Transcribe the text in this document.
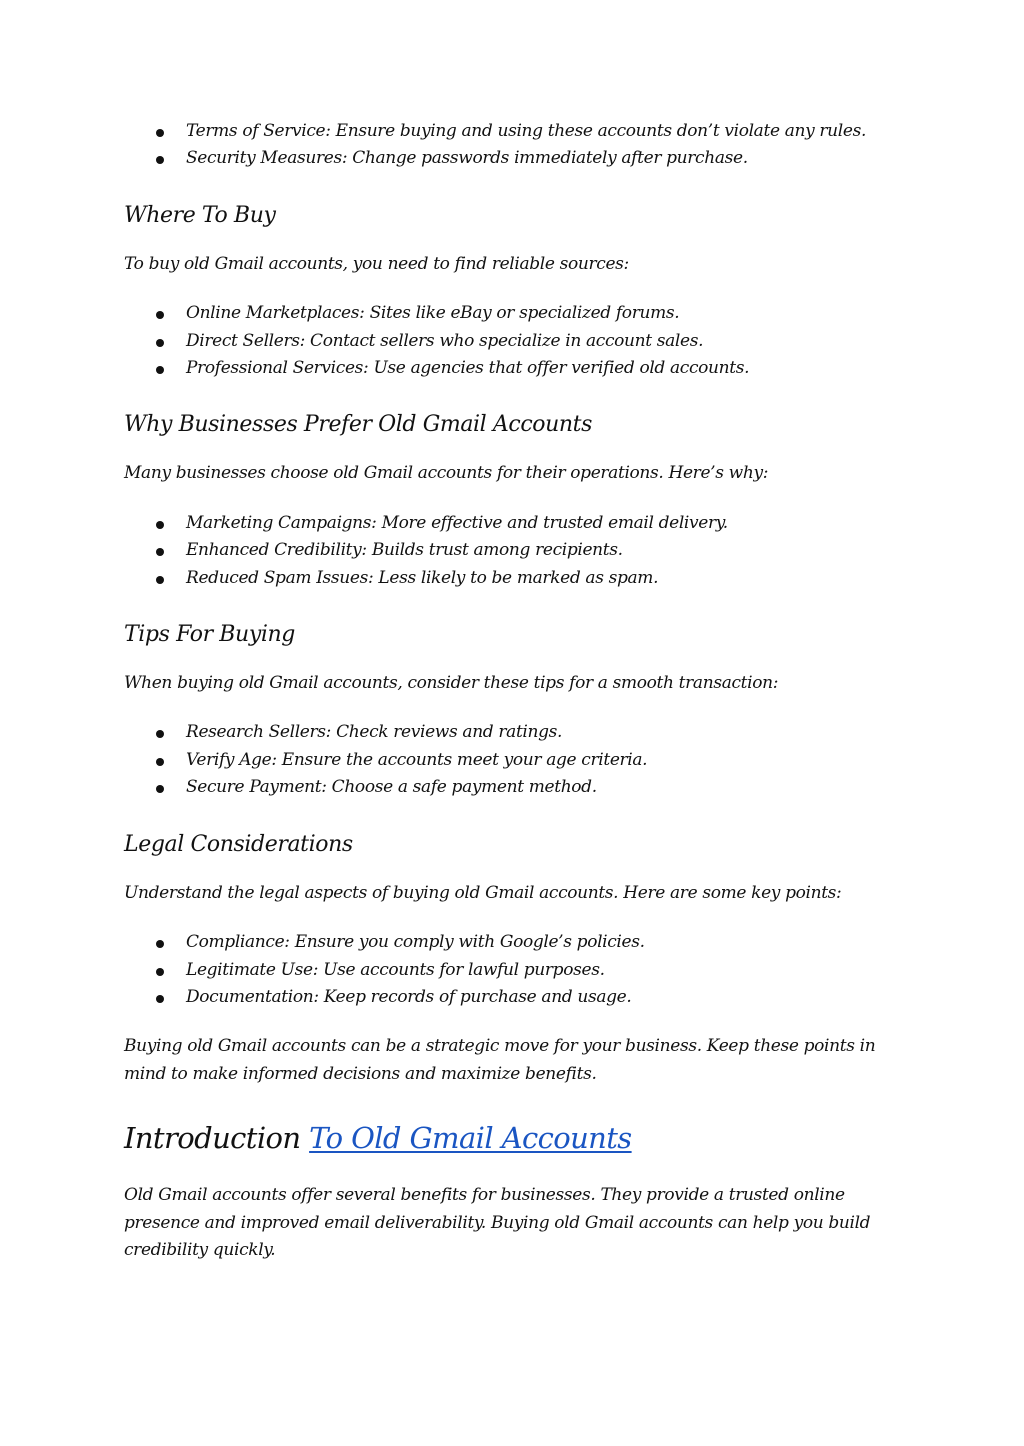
Terms of Service: Ensure buying and using these accounts don’t violate any rules.
Security Measures: Change passwords immediately after purchase.
Where To Buy

To buy old Gmail accounts, you need to find reliable sources:

Online Marketplaces: Sites like eBay or specialized forums.
Direct Sellers: Contact sellers who specialize in account sales.
Professional Services: Use agencies that offer verified old accounts.
Why Businesses Prefer Old Gmail Accounts

Many businesses choose old Gmail accounts for their operations. Here’s why:

Marketing Campaigns: More effective and trusted email delivery.
Enhanced Credibility: Builds trust among recipients.
Reduced Spam Issues: Less likely to be marked as spam.
Tips For Buying

When buying old Gmail accounts, consider these tips for a smooth transaction:

Research Sellers: Check reviews and ratings.
Verify Age: Ensure the accounts meet your age criteria.
Secure Payment: Choose a safe payment method.
Legal Considerations

Understand the legal aspects of buying old Gmail accounts. Here are some key points:

Compliance: Ensure you comply with Google’s policies.
Legitimate Use: Use accounts for lawful purposes.
Documentation: Keep records of purchase and usage.

Buying old Gmail accounts can be a strategic move for your business. Keep these points in
mind to make informed decisions and maximize benefits.

Introduction To Old Gmail Accounts

Old Gmail accounts offer several benefits for businesses. They provide a trusted online
presence and improved email deliverability. Buying old Gmail accounts can help you build
credibility quickly.
